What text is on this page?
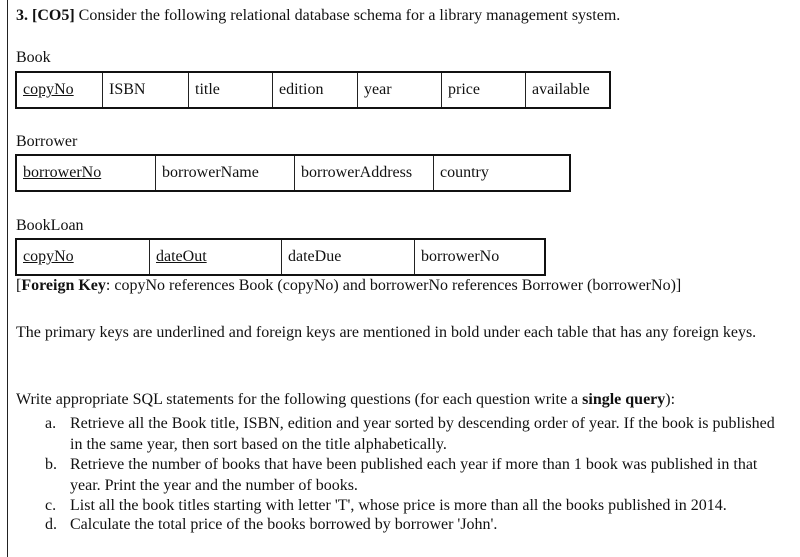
3. [CO5] Consider the following relational database schema for a library management system.
Book
copyNo	ISBN	title	edition	year	price	available
Borrower
borrowerNo	borrowerName	borrowerAddress	country
BookLoan
copyNo	dateOut	dateDue	borrowerNo
[Foreign Key: copyNo references Book (copyNo) and borrowerNo references Borrower (borrowerNo)]
The primary keys are underlined and foreign keys are mentioned in bold under each table that has any foreign keys.
Write appropriate SQL statements for the following questions (for each question write a single query):
a. Retrieve all the Book title, ISBN, edition and year sorted by descending order of year. If the book is published in the same year, then sort based on the title alphabetically.
b. Retrieve the number of books that have been published each year if more than 1 book was published in that year. Print the year and the number of books.
c. List all the book titles starting with letter 'T', whose price is more than all the books published in 2014.
d. Calculate the total price of the books borrowed by borrower 'John'.
